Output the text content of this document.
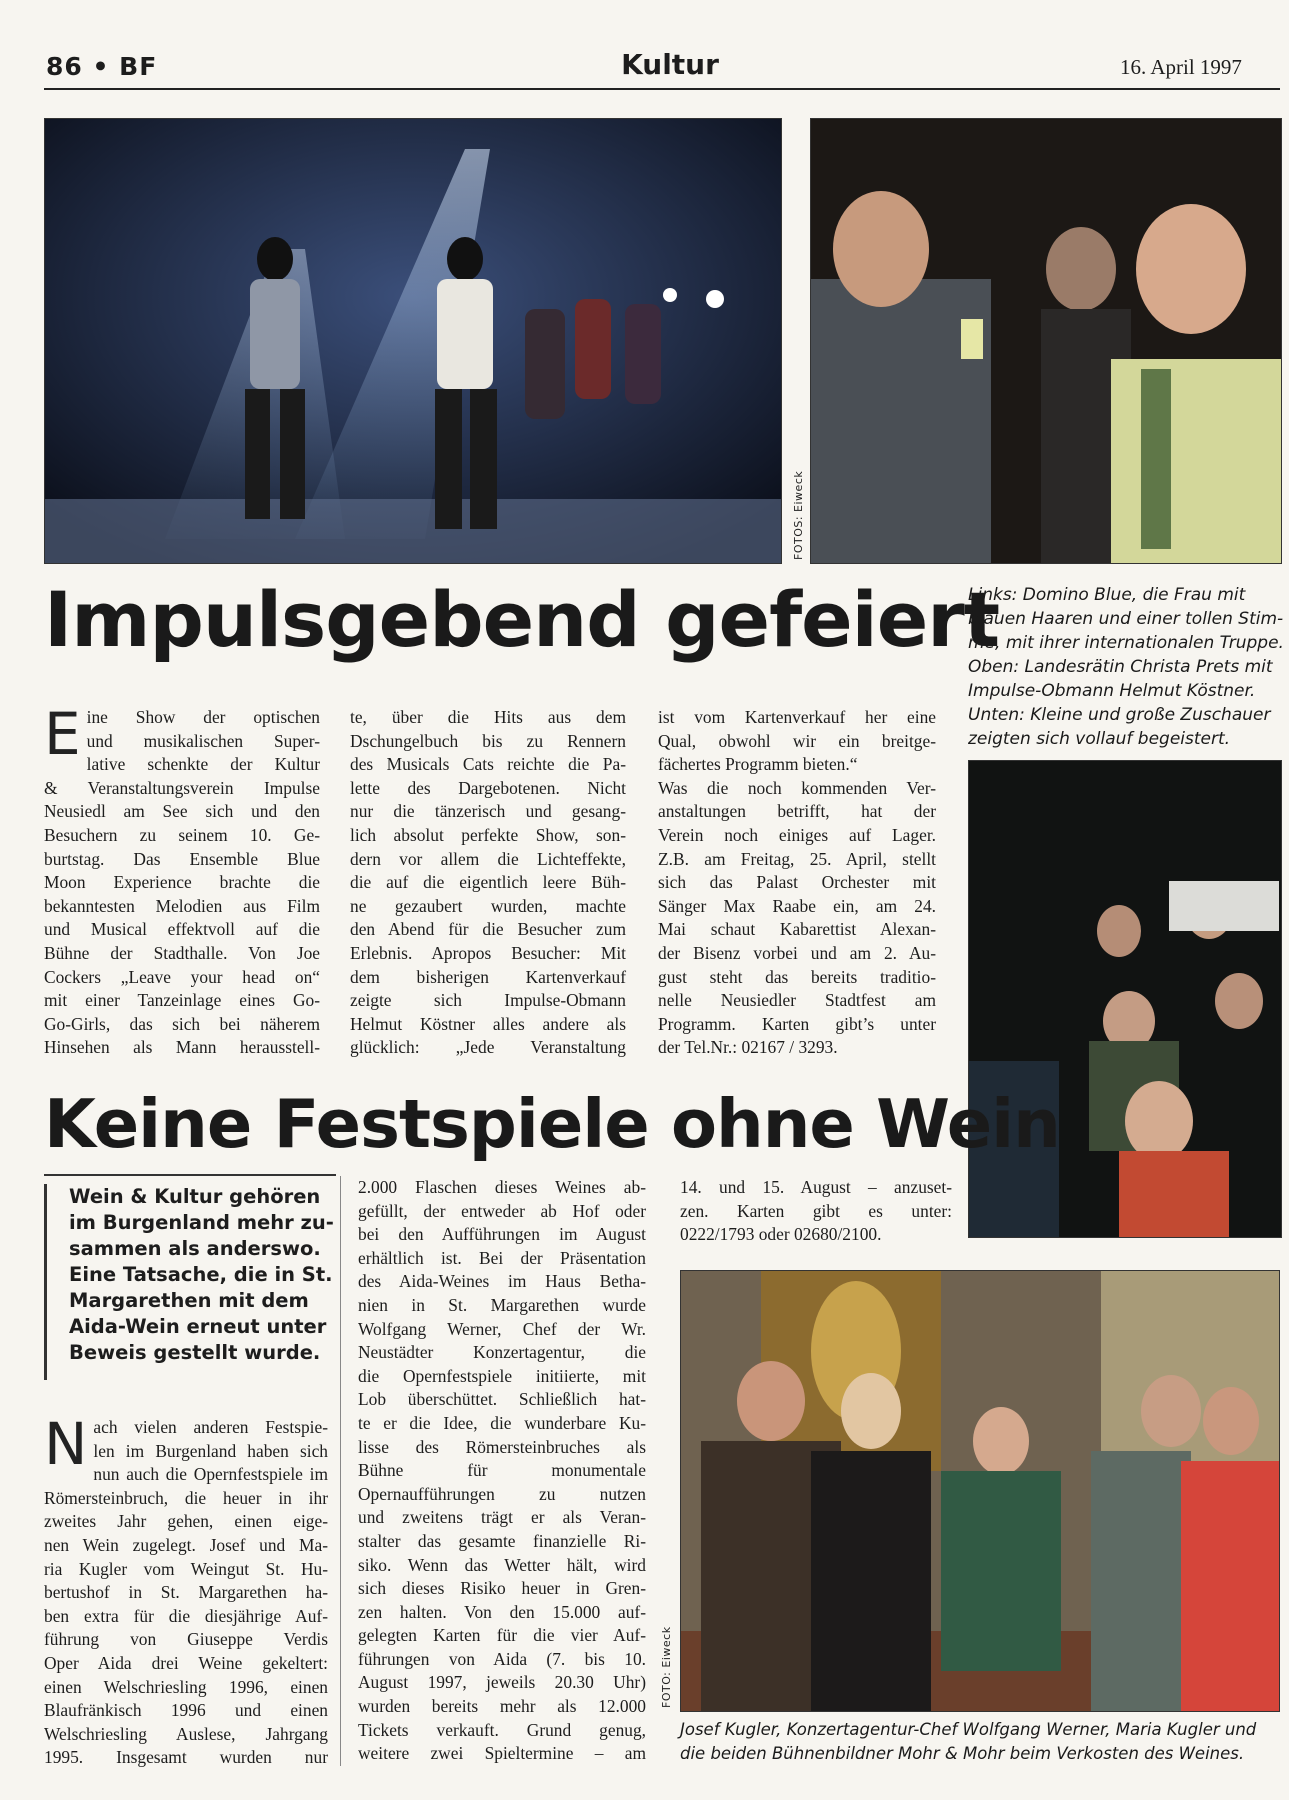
86 • BF	Kultur	16. April 1997
FOTOS: Eiweck
Impulsgebend gefeiert
Links: Domino Blue, die Frau mit
blauen Haaren und einer tollen Stim-
me, mit ihrer internationalen Truppe.
Oben: Landesrätin Christa Prets mit
Impulse-Obmann Helmut Köstner.
Unten: Kleine und große Zuschauer
zeigten sich vollauf begeistert.
E ine Show der optischen
und musikalischen Super-
lative schenkte der Kultur
& Veranstaltungsverein Impulse
Neusiedl am See sich und den
Besuchern zu seinem 10. Ge-
burtstag. Das Ensemble Blue
Moon Experience brachte die
bekanntesten Melodien aus Film
und Musical effektvoll auf die
Bühne der Stadthalle. Von Joe
Cockers „Leave your head on“
mit einer Tanzeinlage eines Go-
Go-Girls, das sich bei näherem
Hinsehen als Mann herausstell-
te, über die Hits aus dem
Dschungelbuch bis zu Rennern
des Musicals Cats reichte die Pa-
lette des Dargebotenen. Nicht
nur die tänzerisch und gesang-
lich absolut perfekte Show, son-
dern vor allem die Lichteffekte,
die auf die eigentlich leere Büh-
ne gezaubert wurden, machte
den Abend für die Besucher zum
Erlebnis. Apropos Besucher: Mit
dem bisherigen Kartenverkauf
zeigte sich Impulse-Obmann
Helmut Köstner alles andere als
glücklich: „Jede Veranstaltung
ist vom Kartenverkauf her eine
Qual, obwohl wir ein breitge-
fächertes Programm bieten.“
Was die noch kommenden Ver-
anstaltungen betrifft, hat der
Verein noch einiges auf Lager.
Z.B. am Freitag, 25. April, stellt
sich das Palast Orchester mit
Sänger Max Raabe ein, am 24.
Mai schaut Kabarettist Alexan-
der Bisenz vorbei und am 2. Au-
gust steht das bereits traditio-
nelle Neusiedler Stadtfest am
Programm. Karten gibt’s unter
der Tel.Nr.: 02167 / 3293.
Keine Festspiele ohne Wein
Wein & Kultur gehören
im Burgenland mehr zu-
sammen als anderswo.
Eine Tatsache, die in St.
Margarethen mit dem
Aida-Wein erneut unter
Beweis gestellt wurde.
N ach vielen anderen Festspie-
len im Burgenland haben sich
nun auch die Opernfestspiele im
Römersteinbruch, die heuer in ihr
zweites Jahr gehen, einen eige-
nen Wein zugelegt. Josef und Ma-
ria Kugler vom Weingut St. Hu-
bertushof in St. Margarethen ha-
ben extra für die diesjährige Auf-
führung von Giuseppe Verdis
Oper Aida drei Weine gekeltert:
einen Welschriesling 1996, einen
Blaufränkisch 1996 und einen
Welschriesling Auslese, Jahrgang
1995. Insgesamt wurden nur
2.000 Flaschen dieses Weines ab-
gefüllt, der entweder ab Hof oder
bei den Aufführungen im August
erhältlich ist. Bei der Präsentation
des Aida-Weines im Haus Betha-
nien in St. Margarethen wurde
Wolfgang Werner, Chef der Wr.
Neustädter Konzertagentur, die
die Opernfestspiele initiierte, mit
Lob überschüttet. Schließlich hat-
te er die Idee, die wunderbare Ku-
lisse des Römersteinbruches als
Bühne für monumentale
Opernaufführungen zu nutzen
und zweitens trägt er als Veran-
stalter das gesamte finanzielle Ri-
siko. Wenn das Wetter hält, wird
sich dieses Risiko heuer in Gren-
zen halten. Von den 15.000 auf-
gelegten Karten für die vier Auf-
führungen von Aida (7. bis 10.
August 1997, jeweils 20.30 Uhr)
wurden bereits mehr als 12.000
Tickets verkauft. Grund genug,
weitere zwei Spieltermine – am
14. und 15. August – anzuset-
zen. Karten gibt es unter:
0222/1793 oder 02680/2100.
FOTO: Eiweck
Josef Kugler, Konzertagentur-Chef Wolfgang Werner, Maria Kugler und
die beiden Bühnenbildner Mohr & Mohr beim Verkosten des Weines.
